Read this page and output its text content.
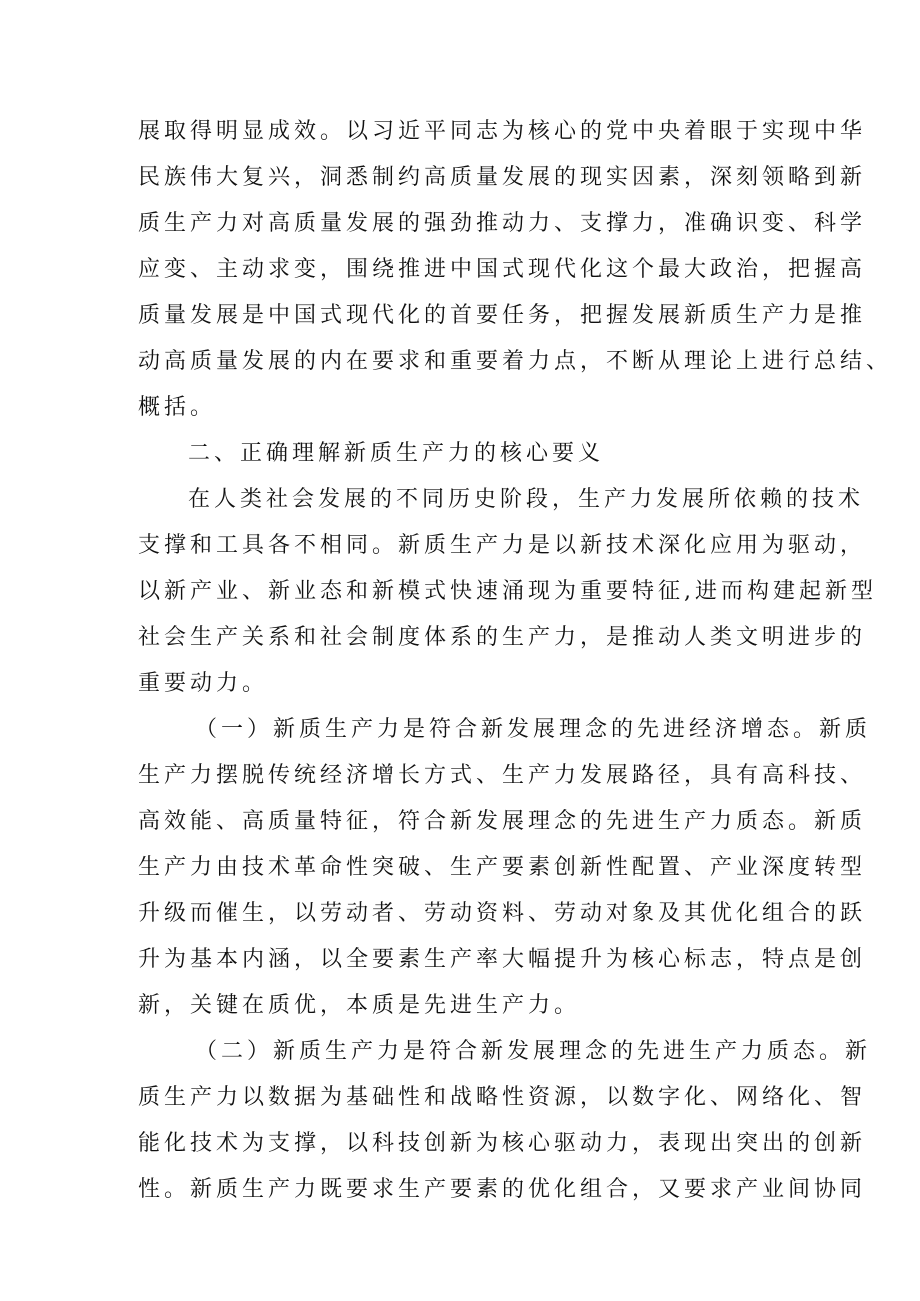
展取得明显成效。以习近平同志为核心的党中央着眼于实现中华
民族伟大复兴，洞悉制约高质量发展的现实因素，深刻领略到新
质生产力对高质量发展的强劲推动力、支撑力，准确识变、科学
应变、主动求变，围绕推进中国式现代化这个最大政治，把握高
质量发展是中国式现代化的首要任务，把握发展新质生产力是推
动高质量发展的内在要求和重要着力点，不断从理论上进行总结、
概括。
二、正确理解新质生产力的核心要义
在人类社会发展的不同历史阶段，生产力发展所依赖的技术
支撑和工具各不相同。新质生产力是以新技术深化应用为驱动，
以新产业、新业态和新模式快速涌现为重要特征,进而构建起新型
社会生产关系和社会制度体系的生产力，是推动人类文明进步的
重要动力。
（一）新质生产力是符合新发展理念的先进经济增态。新质
生产力摆脱传统经济增长方式、生产力发展路径，具有高科技、
高效能、高质量特征，符合新发展理念的先进生产力质态。新质
生产力由技术革命性突破、生产要素创新性配置、产业深度转型
升级而催生，以劳动者、劳动资料、劳动对象及其优化组合的跃
升为基本内涵，以全要素生产率大幅提升为核心标志，特点是创
新，关键在质优，本质是先进生产力。
（二）新质生产力是符合新发展理念的先进生产力质态。新
质生产力以数据为基础性和战略性资源，以数字化、网络化、智
能化技术为支撑，以科技创新为核心驱动力，表现出突出的创新
性。新质生产力既要求生产要素的优化组合，又要求产业间协同
